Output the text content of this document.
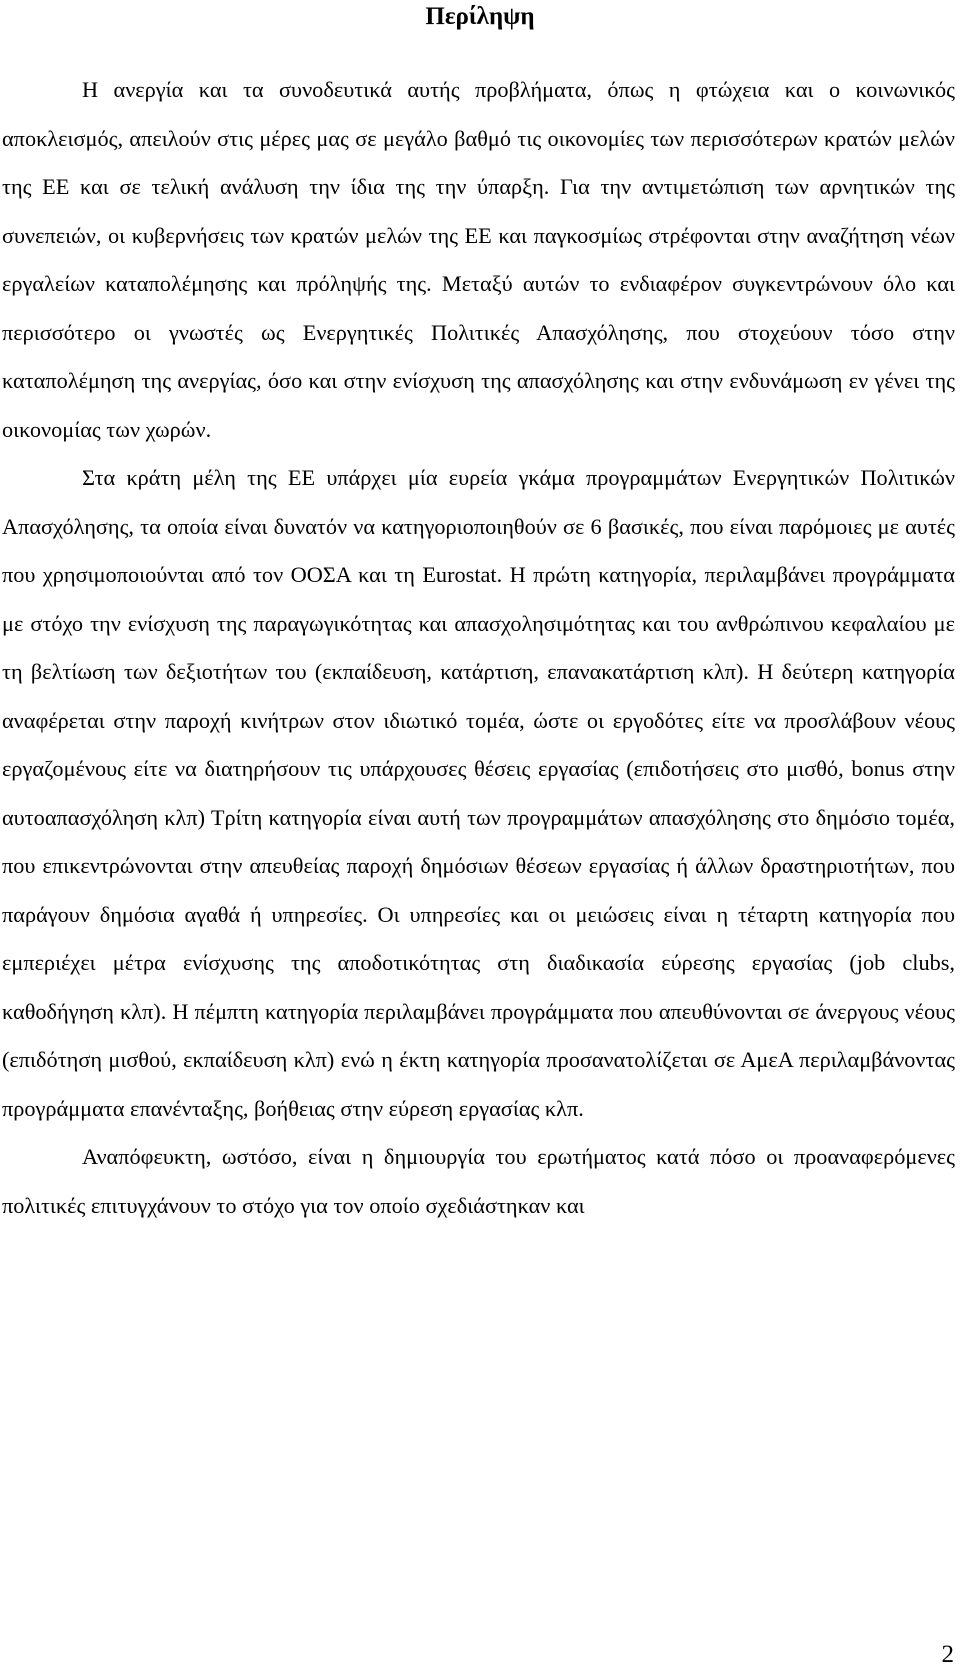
Περίληψη

Η ανεργία και τα συνοδευτικά αυτής προβλήματα, όπως η φτώχεια και ο κοινωνικός αποκλεισμός, απειλούν στις μέρες μας σε μεγάλο βαθμό τις οικονομίες των περισσότερων κρατών μελών της ΕΕ και σε τελική ανάλυση την ίδια της την ύπαρξη. Για την αντιμετώπιση των αρνητικών της συνεπειών, οι κυβερνήσεις των κρατών μελών της ΕΕ και παγκοσμίως στρέφονται στην αναζήτηση νέων εργαλείων καταπολέμησης και πρόληψής της. Μεταξύ αυτών το ενδιαφέρον συγκεντρώνουν όλο και περισσότερο οι γνωστές ως Ενεργητικές Πολιτικές Απασχόλησης, που στοχεύουν τόσο στην καταπολέμηση της ανεργίας, όσο και στην ενίσχυση της απασχόλησης και στην ενδυνάμωση εν γένει της οικονομίας των χωρών.

Στα κράτη μέλη της ΕΕ υπάρχει μία ευρεία γκάμα προγραμμάτων Ενεργητικών Πολιτικών Απασχόλησης, τα οποία είναι δυνατόν να κατηγοριοποιηθούν σε 6 βασικές, που είναι παρόμοιες με αυτές που χρησιμοποιούνται από τον ΟΟΣΑ και τη Eurostat. Η πρώτη κατηγορία, περιλαμβάνει προγράμματα με στόχο την ενίσχυση της παραγωγικότητας και απασχολησιμότητας και του ανθρώπινου κεφαλαίου με τη βελτίωση των δεξιοτήτων του (εκπαίδευση, κατάρτιση, επανακατάρτιση κλπ). Η δεύτερη κατηγορία αναφέρεται στην παροχή κινήτρων στον ιδιωτικό τομέα, ώστε οι εργοδότες είτε να προσλάβουν νέους εργαζομένους είτε να διατηρήσουν τις υπάρχουσες θέσεις εργασίας (επιδοτήσεις στο μισθό, bonus στην αυτοαπασχόληση κλπ) Τρίτη κατηγορία είναι αυτή των προγραμμάτων απασχόλησης στο δημόσιο τομέα, που επικεντρώνονται στην απευθείας παροχή δημόσιων θέσεων εργασίας ή άλλων δραστηριοτήτων, που παράγουν δημόσια αγαθά ή υπηρεσίες. Οι υπηρεσίες και οι μειώσεις είναι η τέταρτη κατηγορία που εμπεριέχει μέτρα ενίσχυσης της αποδοτικότητας στη διαδικασία εύρεσης εργασίας (job clubs, καθοδήγηση κλπ). Η πέμπτη κατηγορία περιλαμβάνει προγράμματα που απευθύνονται σε άνεργους νέους (επιδότηση μισθού, εκπαίδευση κλπ) ενώ η έκτη κατηγορία προσανατολίζεται σε ΑμεΑ περιλαμβάνοντας προγράμματα επανένταξης, βοήθειας στην εύρεση εργασίας κλπ.

Αναπόφευκτη, ωστόσο, είναι η δημιουργία του ερωτήματος κατά πόσο οι προαναφερόμενες πολιτικές επιτυγχάνουν το στόχο για τον οποίο σχεδιάστηκαν και

2
